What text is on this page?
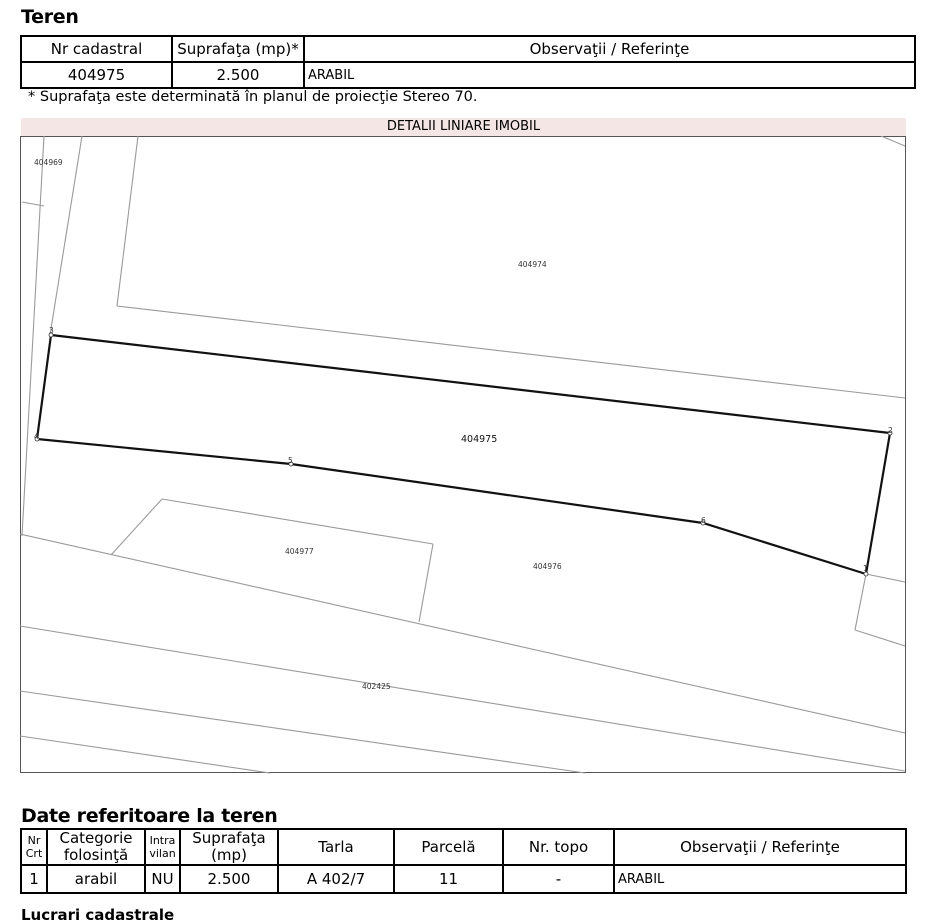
Teren
Nr cadastral	Suprafaţa (mp)*	Observaţii / Referinţe
404975	2.500	ARABIL
* Suprafaţa este determinată în planul de proiecţie Stereo 70.
DETALII LINIARE IMOBIL
1
2
3
4
5
6
404969
404974
404975
404977
404976
402425
Date referitoare la teren
Nr Crt	Categorie folosinţă	Intra vilan	Suprafaţa (mp)	Tarla	Parcelă	Nr. topo	Observaţii / Referinţe
1	arabil	NU	2.500	A 402/7	11	-	ARABIL
Lucrari cadastrale
